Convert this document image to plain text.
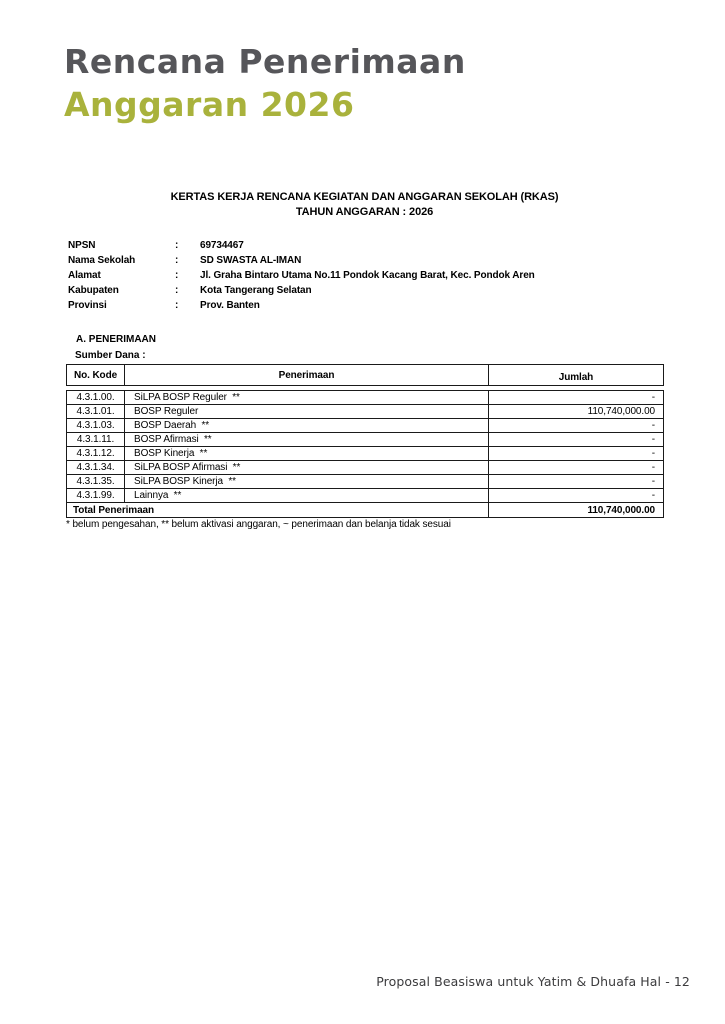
Rencana Penerimaan
Anggaran 2026
KERTAS KERJA RENCANA KEGIATAN DAN ANGGARAN SEKOLAH (RKAS)
TAHUN ANGGARAN : 2026
NPSN	:	69734467
Nama Sekolah	:	SD SWASTA AL-IMAN
Alamat	:	Jl. Graha Bintaro Utama No.11 Pondok Kacang Barat, Kec. Pondok Aren
Kabupaten	:	Kota Tangerang Selatan
Provinsi	:	Prov. Banten
A. PENERIMAAN
Sumber Dana :
No. Kode	Penerimaan	Jumlah
4.3.1.00.	SiLPA BOSP Reguler  **	-
4.3.1.01.	BOSP Reguler	110,740,000.00
4.3.1.03.	BOSP Daerah  **	-
4.3.1.11.	BOSP Afirmasi  **	-
4.3.1.12.	BOSP Kinerja  **	-
4.3.1.34.	SiLPA BOSP Afirmasi  **	-
4.3.1.35.	SiLPA BOSP Kinerja  **	-
4.3.1.99.	Lainnya  **	-
Total Penerimaan		110,740,000.00
* belum pengesahan, ** belum aktivasi anggaran, ~ penerimaan dan belanja tidak sesuai
Proposal Beasiswa untuk Yatim & Dhuafa Hal - 12
